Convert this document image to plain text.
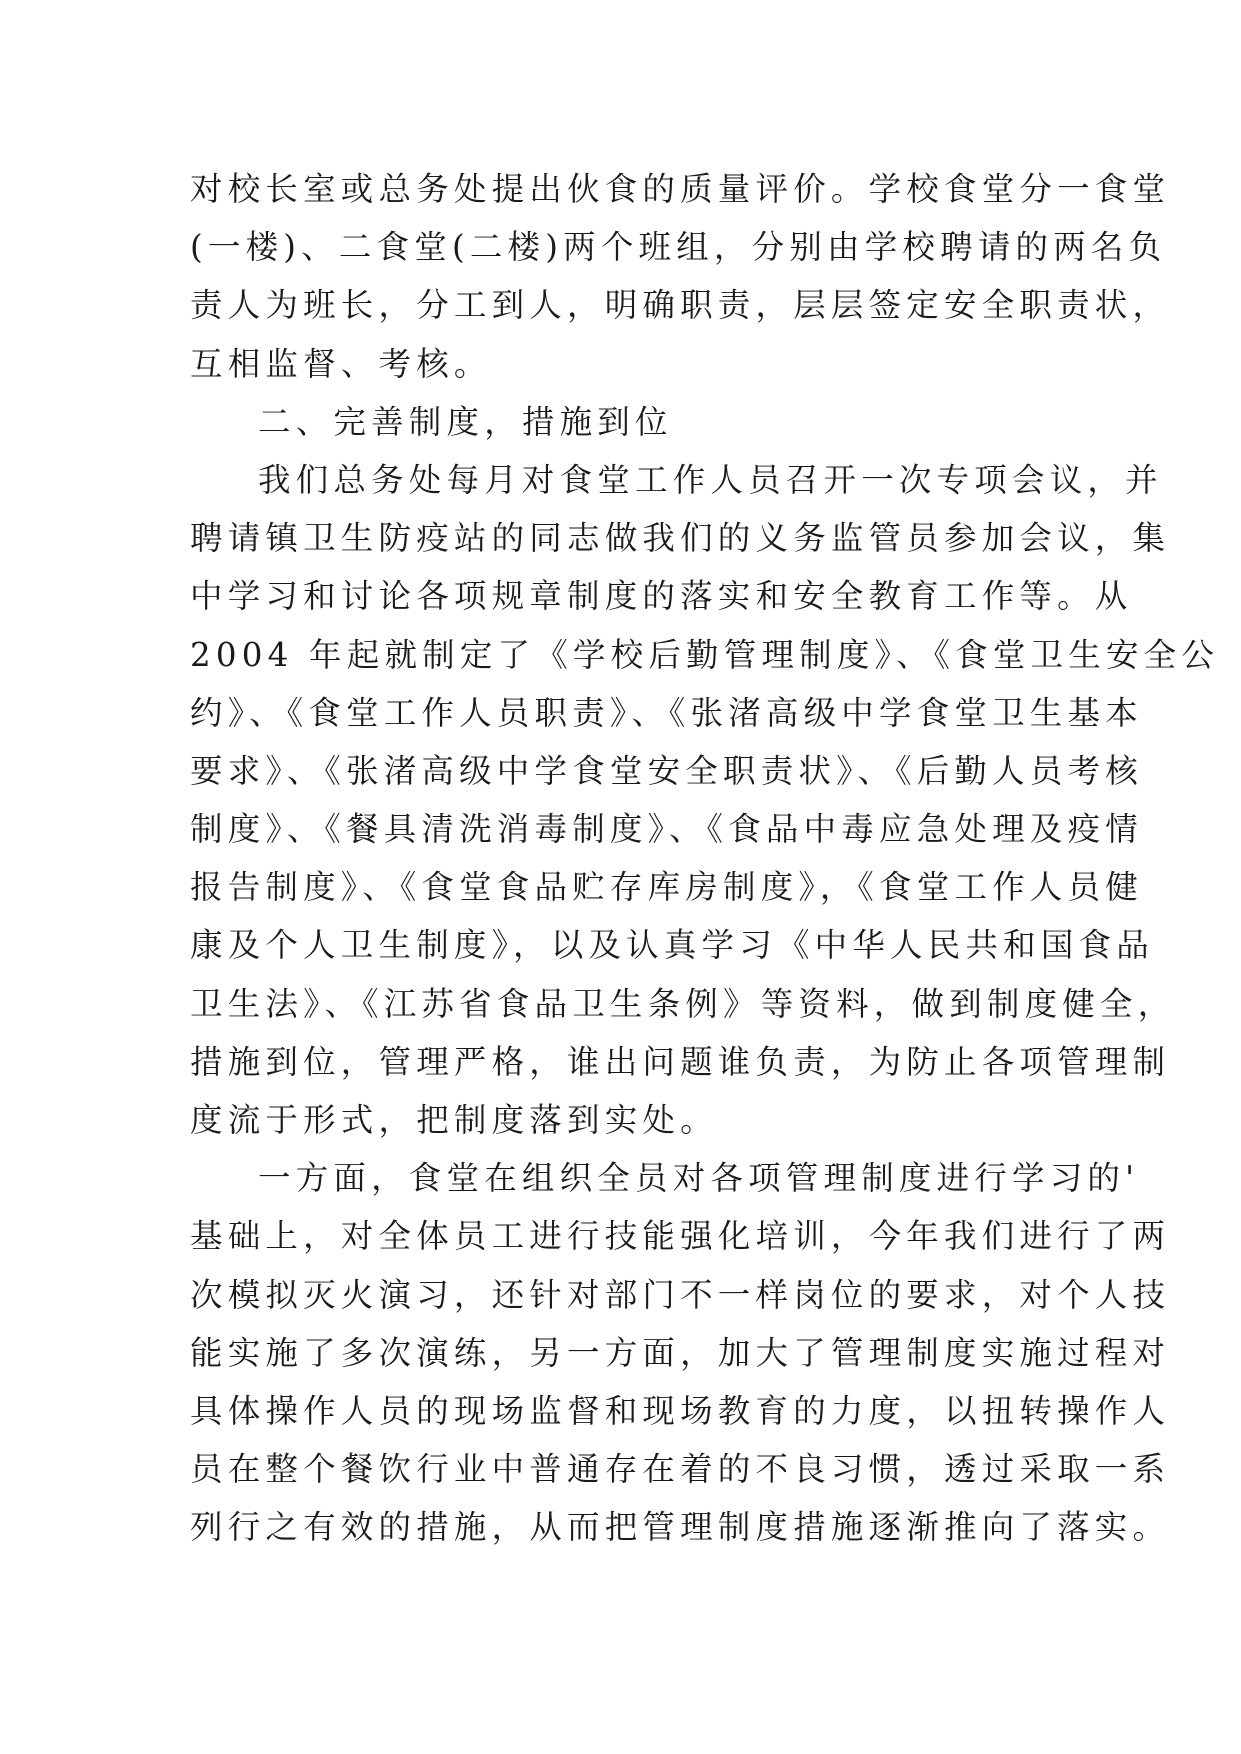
对校长室或总务处提出伙食的质量评价。学校食堂分一食堂
(一楼)、二食堂(二楼)两个班组，分别由学校聘请的两名负
责人为班长，分工到人，明确职责，层层签定安全职责状，
互相监督、考核。
二、完善制度，措施到位
我们总务处每月对食堂工作人员召开一次专项会议，并
聘请镇卫生防疫站的同志做我们的义务监管员参加会议，集
中学习和讨论各项规章制度的落实和安全教育工作等。从
2004 年起就制定了《学校后勤管理制度》、《食堂卫生安全公
约》、《食堂工作人员职责》、《张渚高级中学食堂卫生基本
要求》、《张渚高级中学食堂安全职责状》、《后勤人员考核
制度》、《餐具清洗消毒制度》、《食品中毒应急处理及疫情
报告制度》、《食堂食品贮存库房制度》，《食堂工作人员健
康及个人卫生制度》，以及认真学习《中华人民共和国食品
卫生法》、《江苏省食品卫生条例》等资料，做到制度健全，
措施到位，管理严格，谁出问题谁负责，为防止各项管理制
度流于形式，把制度落到实处。
一方面，食堂在组织全员对各项管理制度进行学习的'
基础上，对全体员工进行技能强化培训，今年我们进行了两
次模拟灭火演习，还针对部门不一样岗位的要求，对个人技
能实施了多次演练，另一方面，加大了管理制度实施过程对
具体操作人员的现场监督和现场教育的力度，以扭转操作人
员在整个餐饮行业中普通存在着的不良习惯，透过采取一系
列行之有效的措施，从而把管理制度措施逐渐推向了落实。
